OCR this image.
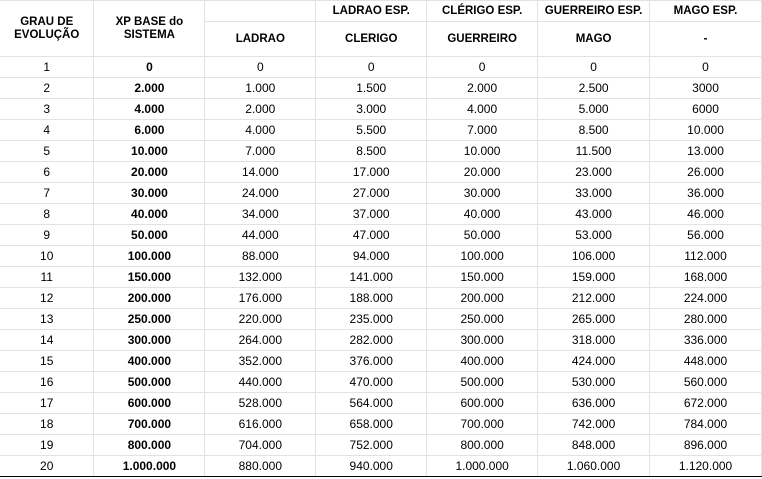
GRAU DE EVOLUÇÃO	XP BASE do SISTEMA		LADRAO ESP.	CLÉRIGO ESP.	GUERREIRO ESP.	MAGO ESP.
		LADRAO	CLERIGO	GUERREIRO	MAGO	-
1	0	0	0	0	0	0
2	2.000	1.000	1.500	2.000	2.500	3000
3	4.000	2.000	3.000	4.000	5.000	6000
4	6.000	4.000	5.500	7.000	8.500	10.000
5	10.000	7.000	8.500	10.000	11.500	13.000
6	20.000	14.000	17.000	20.000	23.000	26.000
7	30.000	24.000	27.000	30.000	33.000	36.000
8	40.000	34.000	37.000	40.000	43.000	46.000
9	50.000	44.000	47.000	50.000	53.000	56.000
10	100.000	88.000	94.000	100.000	106.000	112.000
11	150.000	132.000	141.000	150.000	159.000	168.000
12	200.000	176.000	188.000	200.000	212.000	224.000
13	250.000	220.000	235.000	250.000	265.000	280.000
14	300.000	264.000	282.000	300.000	318.000	336.000
15	400.000	352.000	376.000	400.000	424.000	448.000
16	500.000	440.000	470.000	500.000	530.000	560.000
17	600.000	528.000	564.000	600.000	636.000	672.000
18	700.000	616.000	658.000	700.000	742.000	784.000
19	800.000	704.000	752.000	800.000	848.000	896.000
20	1.000.000	880.000	940.000	1.000.000	1.060.000	1.120.000
